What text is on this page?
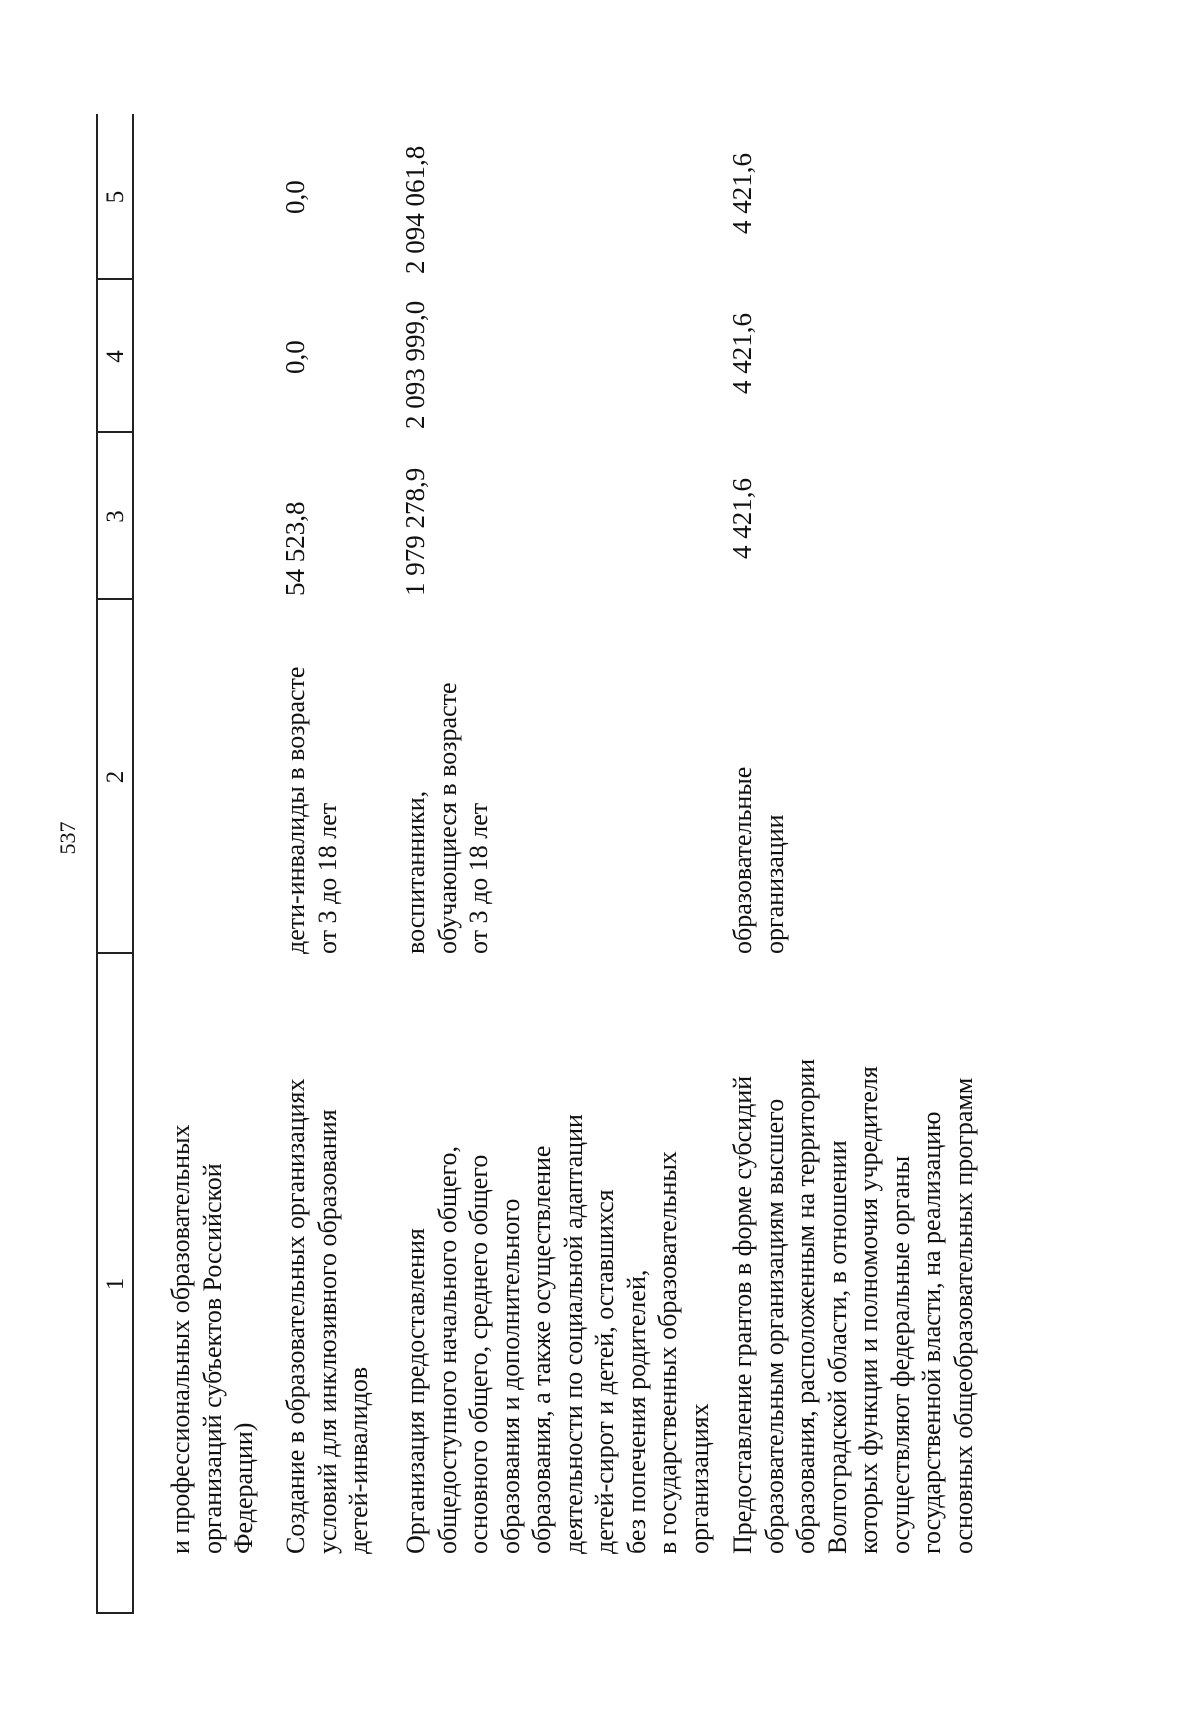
537
1
2
3
4
5
и профессиональных образовательных организаций субъектов Российской Федерации) Создание в образовательных организациях условий для инклюзивного образования детей-инвалидов
дети-инвалиды в возрасте от 3 до 18 лет
54 523,8
0,0
0,0
Организация предоставления общедоступного начального общего, основного общего, среднего общего образования и дополнительного образования, а также осуществление деятельности по социальной адаптации детей-сирот и детей, оставшихся без попечения родителей, в государственных образовательных организациях
воспитанники, обучающиеся в возрасте от 3 до 18 лет
1 979 278,9
2 093 999,0
2 094 061,8
Предоставление грантов в форме субсидий образовательным организациям высшего образования, расположенным на территории Волгоградской области, в отношении которых функции и полномочия учредителя осуществляют федеральные органы государственной власти, на реализацию основных общеобразовательных программ
образовательные организации
4 421,6
4 421,6
4 421,6
